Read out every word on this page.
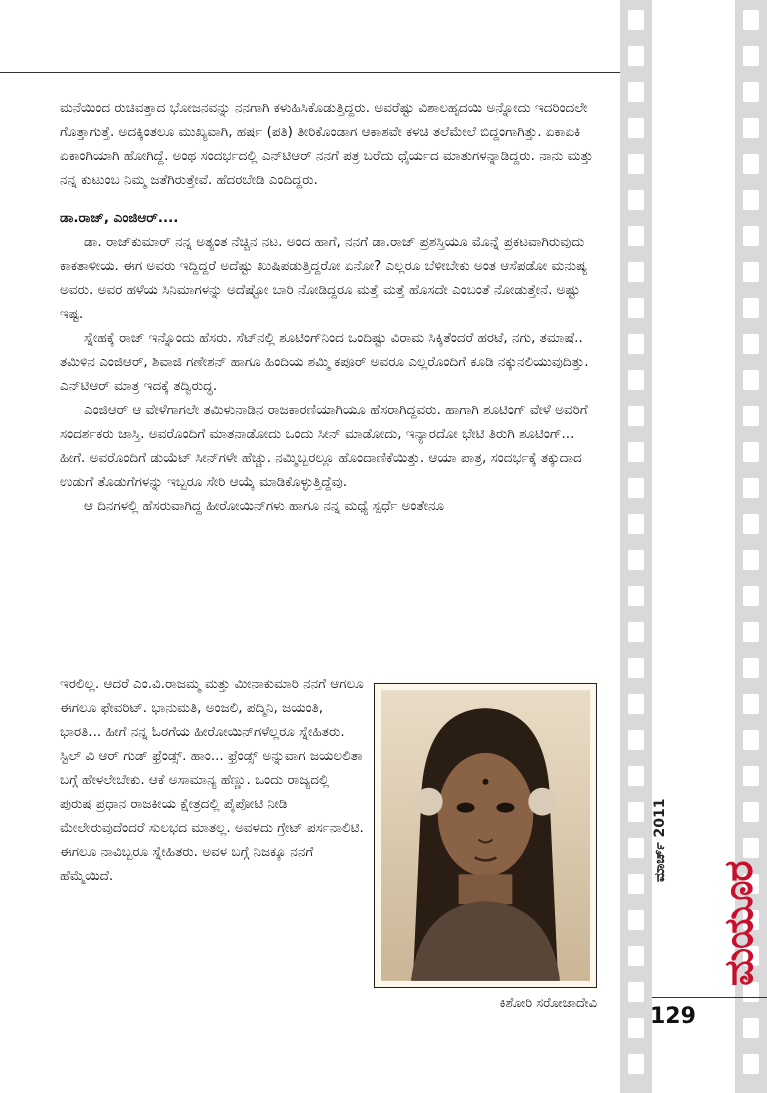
ಮನೆಯಿಂದ ರುಚಿವತ್ತಾದ ಭೋಜನವನ್ನು ನನಗಾಗಿ ಕಳುಹಿಸಿಕೊಡುತ್ತಿದ್ದರು. ಅವರೆಷ್ಟು ವಿಶಾಲಹೃದಯಿ ಅನ್ನೋದು ಇದರಿಂದಲೇ ಗೊತ್ತಾಗುತ್ತೆ. ಅದಕ್ಕಿಂತಲೂ ಮುಖ್ಯವಾಗಿ, ಹರ್ಷ (ಪತಿ) ತೀರಿಕೊಂಡಾಗ ಆಕಾಶವೇ ಕಳಚಿ ತಲೆಮೇಲೆ ಬಿದ್ದಂಗಾಗಿತ್ತು. ಏಕಾಏಕಿ ಏಕಾಂಗಿಯಾಗಿ ಹೋಗಿದ್ದೆ. ಅಂಥ ಸಂದರ್ಭದಲ್ಲಿ ಎನ್‌ಟಿಆರ್ ನನಗೆ ಪತ್ರ ಬರೆದು ಧೈರ್ಯದ ಮಾತುಗಳನ್ನಾಡಿದ್ದರು. ನಾನು ಮತ್ತು ನನ್ನ ಕುಟುಂಬ ನಿಮ್ಮ ಜತೆಗಿರುತ್ತೇವೆ. ಹೆದರಬೇಡಿ ಎಂದಿದ್ದರು.

ಡಾ.ರಾಜ್, ಎಂಜಿಆರ್....

ಡಾ. ರಾಜ್‌ಕುಮಾರ್ ನನ್ನ ಅತ್ಯಂತ ನೆಚ್ಚಿನ ನಟ. ಅಂದ ಹಾಗೆ, ನನಗೆ ಡಾ.ರಾಜ್ ಪ್ರಶಸ್ತಿಯೂ ಮೊನ್ನೆ ಪ್ರಕಟವಾಗಿರುವುದು ಕಾಕತಾಳೀಯ. ಈಗ ಅವರು ಇದ್ದಿದ್ದರೆ ಅದೆಷ್ಟು ಖುಷಿಪಡುತ್ತಿದ್ದರೋ ಏನೋ? ಎಲ್ಲರೂ ಬೆಳೀಬೇಕು ಅಂತ ಆಸೆಪಡೋ ಮನುಷ್ಯ ಅವರು. ಅವರ ಹಳೆಯ ಸಿನಿಮಾಗಳನ್ನು ಅದೆಷ್ಟೋ ಬಾರಿ ನೋಡಿದ್ದರೂ ಮತ್ತೆ ಮತ್ತೆ ಹೊಸದೇ ಎಂಬಂತೆ ನೋಡುತ್ತೇನೆ. ಅಷ್ಟು ಇಷ್ಟ.

ಸ್ನೇಹಕ್ಕೆ ರಾಜ್ ಇನ್ನೊಂದು ಹೆಸರು. ಸೆಟ್‌ನಲ್ಲಿ ಶೂಟಿಂಗ್‌ನಿಂದ ಒಂದಿಷ್ಟು ವಿರಾಮ ಸಿಕ್ಕಿತೆಂದರೆ ಹರಟೆ, ನಗು, ತಮಾಷೆ.. ತಮಿಳಿನ ಎಂಜಿಆರ್, ಶಿವಾಜಿ ಗಣೇಶನ್ ಹಾಗೂ ಹಿಂದಿಯ ಶಮ್ಮಿ ಕಪೂರ್ ಅವರೂ ಎಲ್ಲರೊಂದಿಗೆ ಕೂಡಿ ನಕ್ಕುನಲಿಯುವುದಿತ್ತು. ಎನ್‌ಟಿಆರ್ ಮಾತ್ರ ಇದಕ್ಕೆ ತದ್ವಿರುದ್ಧ.

ಎಂಜಿಆರ್ ಆ ವೇಳೆಗಾಗಲೇ ತಮಿಳುನಾಡಿನ ರಾಜಕಾರಣಿಯಾಗಿಯೂ ಹೆಸರಾಗಿದ್ದವರು. ಹಾಗಾಗಿ ಶೂಟಿಂಗ್ ವೇಳೆ ಅವರಿಗೆ ಸಂದರ್ಶಕರು ಜಾಸ್ತಿ. ಅವರೊಂದಿಗೆ ಮಾತನಾಡೋದು ಒಂದು ಸೀನ್ ಮಾಡೋದು, ಇನ್ಯಾರದೋ ಭೇಟಿ ತಿರುಗಿ ಶೂಟಿಂಗ್... ಹೀಗೆ. ಅವರೊಂದಿಗೆ ಡುಯೆಟ್ ಸೀನ್‌ಗಳೇ ಹೆಚ್ಚು. ನಮ್ಮಿಬ್ಬರಲ್ಲೂ ಹೊಂದಾಣಿಕೆಯಿತ್ತು. ಆಯಾ ಪಾತ್ರ, ಸಂದರ್ಭಕ್ಕೆ ತಕ್ಕುದಾದ ಉಡುಗೆ ತೊಡುಗೆಗಳನ್ನು ಇಬ್ಬರೂ ಸೇರಿ ಆಯ್ಕೆ ಮಾಡಿಕೊಳ್ಳುತ್ತಿದ್ದೆವು.

ಆ ದಿನಗಳಲ್ಲಿ ಹೆಸರುವಾಗಿದ್ದ ಹೀರೋಯಿನ್‌ಗಳು ಹಾಗೂ ನನ್ನ ಮಧ್ಯೆ ಸ್ಪರ್ಧೆ ಅಂತೇನೂ

ಇರಲಿಲ್ಲ. ಆದರೆ ಎಂ.ವಿ.ರಾಜಮ್ಮ ಮತ್ತು ಮೀನಾಕುಮಾರಿ ನನಗೆ ಆಗಲೂ ಈಗಲೂ ಫೇವರಿಟ್. ಭಾನುಮತಿ, ಅಂಜಲಿ, ಪದ್ಮಿನಿ, ಜಯಂತಿ, ಭಾರತಿ... ಹೀಗೆ ನನ್ನ ಓರಗೆಯ ಹೀರೋಯಿನ್‌ಗಳೆಲ್ಲರೂ ಸ್ನೇಹಿತರು. ಸ್ಟಿಲ್ ವಿ ಆರ್ ಗುಡ್ ಫ್ರೆಂಡ್ಸ್. ಹಾಂ... ಫ್ರೆಂಡ್ಸ್ ಅನ್ನುವಾಗ ಜಯಲಲಿತಾ ಬಗ್ಗೆ ಹೇಳಲೇಬೇಕು. ಆಕೆ ಅಸಾಮಾನ್ಯ ಹೆಣ್ಣು. ಒಂದು ರಾಜ್ಯದಲ್ಲಿ ಪುರುಷ ಪ್ರಧಾನ ರಾಜಕೀಯ ಕ್ಷೇತ್ರದಲ್ಲಿ ಪೈಪೋಟಿ ನೀಡಿ ಮೇಲೇರುವುದೆಂದರೆ ಸುಲಭದ ಮಾತಲ್ಲ. ಅವಳದು ಗ್ರೇಟ್ ಪರ್ಸನಾಲಿಟಿ. ಈಗಲೂ ನಾವಿಬ್ಬರೂ ಸ್ನೇಹಿತರು. ಅವಳ ಬಗ್ಗೆ ನಿಜಕ್ಕೂ ನನಗೆ ಹೆಮ್ಮೆಯಿದೆ.

ಕಿಶೋರಿ ಸರೋಜಾದೇವಿ
ಮಾರ್ಚ್ 2011
ಮಯೂರ
129
